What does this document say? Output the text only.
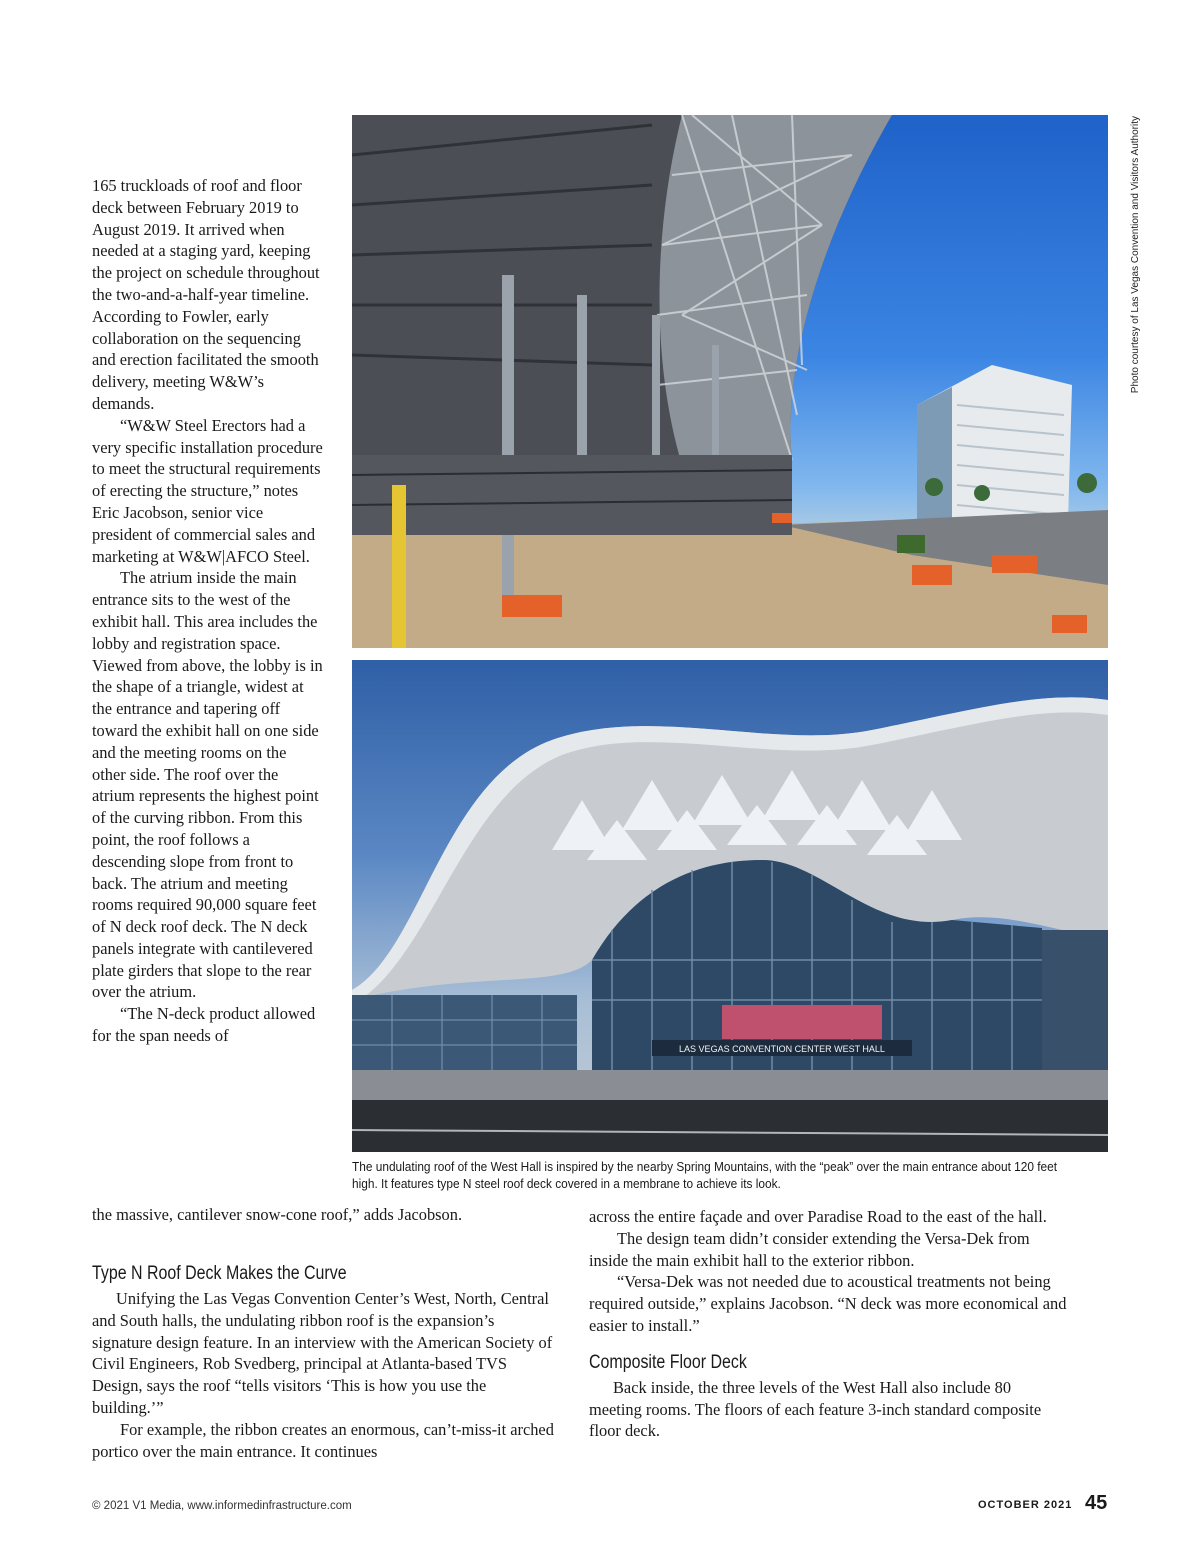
Photo courtesy of Las Vegas Convention and Visitors Authority
LAS VEGAS CONVENTION CENTER WEST HALL
The undulating roof of the West Hall is inspired by the nearby Spring Mountains, with the “peak” over the main entrance about 120 feet high. It features type N steel roof deck covered in a membrane to achieve its look.

165 truckloads of roof and floor deck between February 2019 to August 2019. It arrived when needed at a staging yard, keeping the project on schedule throughout the two-and-a-half-year timeline. According to Fowler, early collaboration on the sequencing and erection facilitated the smooth delivery, meeting W&W’s demands.

“W&W Steel Erectors had a very specific installation procedure to meet the structural requirements of erecting the structure,” notes Eric Jacobson, senior vice president of commercial sales and marketing at W&W|AFCO Steel.

The atrium inside the main entrance sits to the west of the exhibit hall. This area includes the lobby and registration space. Viewed from above, the lobby is in the shape of a triangle, widest at the entrance and tapering off toward the exhibit hall on one side and the meeting rooms on the other side. The roof over the atrium represents the highest point of the curving ribbon. From this point, the roof follows a descending slope from front to back. The atrium and meeting rooms required 90,000 square feet of N deck roof deck. The N deck panels integrate with cantilevered plate girders that slope to the rear over the atrium.

“The N-deck product allowed for the span needs of

the massive, cantilever snow-cone roof,” adds Jacobson.

Type N Roof Deck Makes the Curve

Unifying the Las Vegas Convention Center’s West, North, Central and South halls, the undulating ribbon roof is the expansion’s signature design feature. In an interview with the American Society of Civil Engineers, Rob Svedberg, principal at Atlanta-based TVS Design, says the roof “tells visitors ‘This is how you use the building.’”

For example, the ribbon creates an enormous, can’t-miss-it arched portico over the main entrance. It continues

across the entire façade and over Paradise Road to the east of the hall.

The design team didn’t consider extending the Versa-Dek from inside the main exhibit hall to the exterior ribbon.

“Versa-Dek was not needed due to acoustical treatments not being required outside,” explains Jacobson. “N deck was more economical and easier to install.”

Composite Floor Deck

Back inside, the three levels of the West Hall also include 80 meeting rooms. The floors of each feature 3-inch standard composite floor deck.

© 2021 V1 Media, www.informedinfrastructure.com	OCTOBER 2021 45
